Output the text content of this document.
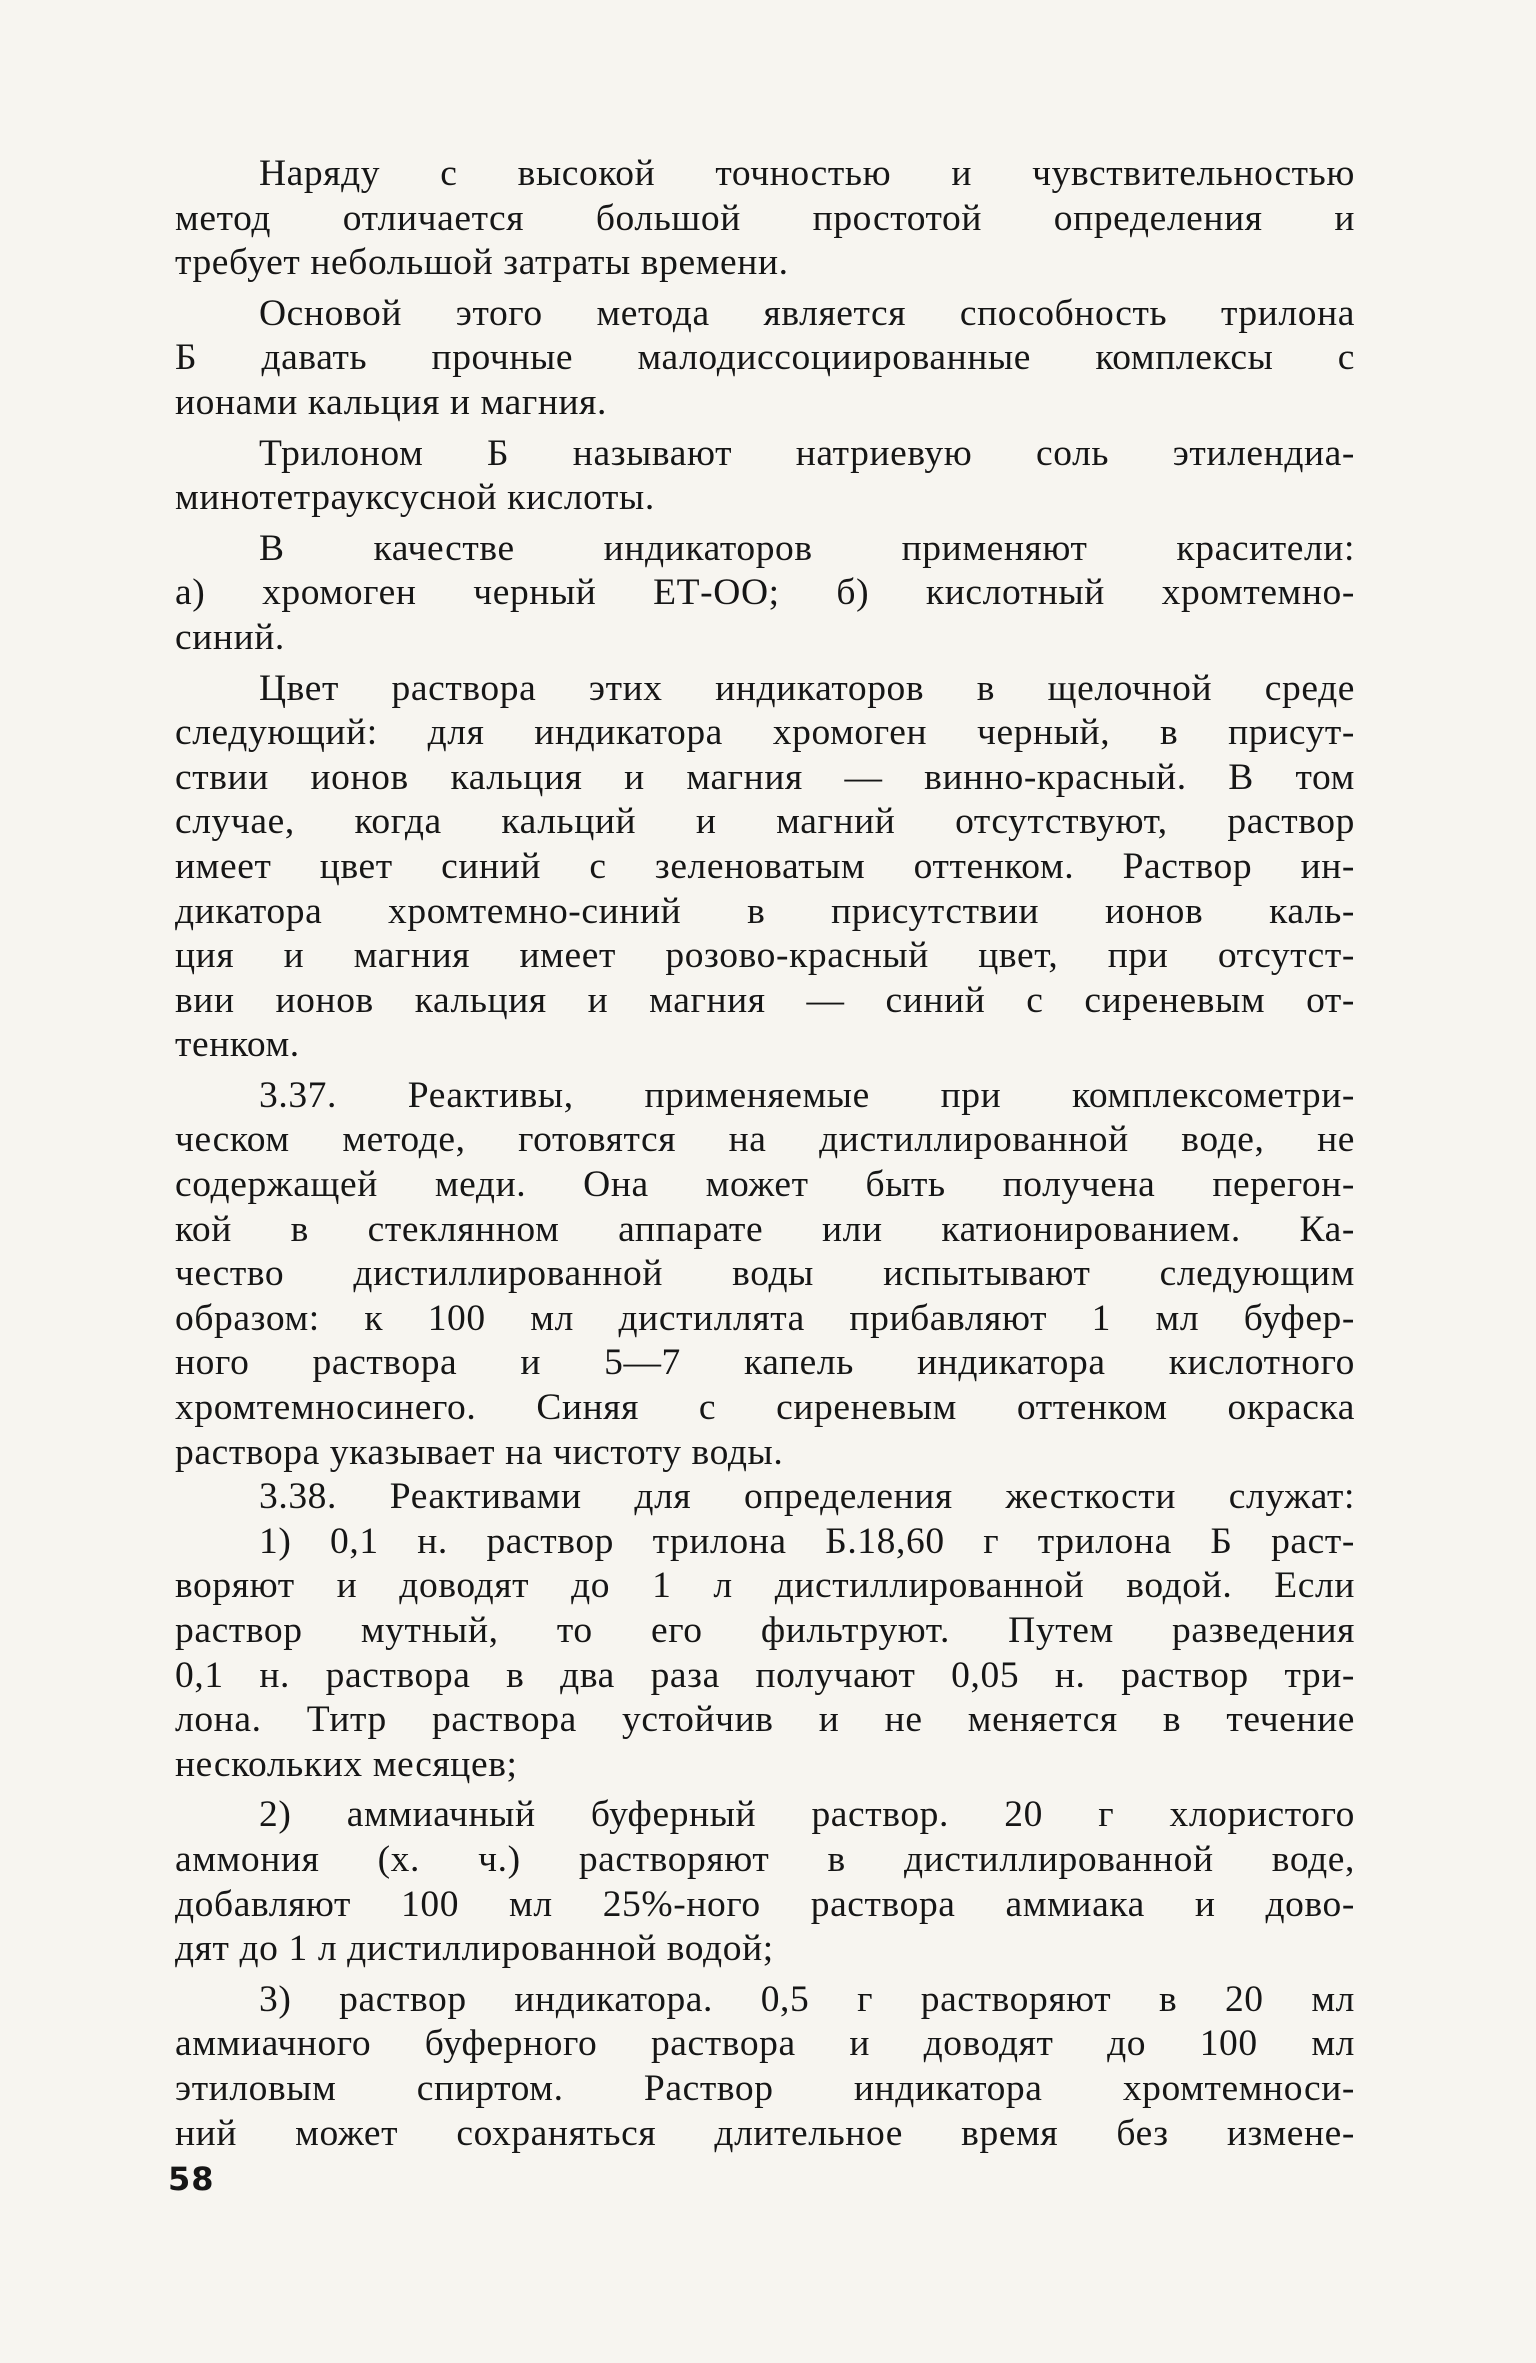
Наряду с высокой точностью и чувствительностью
метод отличается большой простотой определения и
требует небольшой затраты времени.
Основой этого метода является способность трилона
Б давать прочные малодиссоциированные комплексы с
ионами кальция и магния.
Трилоном Б называют натриевую соль этилендиа-
минотетрауксусной кислоты.
В качестве индикаторов применяют красители:
а) хромоген черный ЕТ-ОО; б) кислотный хромтемно-
синий.
Цвет раствора этих индикаторов в щелочной среде
следующий: для индикатора хромоген черный, в присут-
ствии ионов кальция и магния — винно-красный. В том
случае, когда кальций и магний отсутствуют, раствор
имеет цвет синий с зеленоватым оттенком. Раствор ин-
дикатора хромтемно-синий в присутствии ионов каль-
ция и магния имеет розово-красный цвет, при отсутст-
вии ионов кальция и магния — синий с сиреневым от-
тенком.
3.37. Реактивы, применяемые при комплексометри-
ческом методе, готовятся на дистиллированной воде, не
содержащей меди. Она может быть получена перегон-
кой в стеклянном аппарате или катионированием. Ка-
чество дистиллированной воды испытывают следующим
образом: к 100 мл дистиллята прибавляют 1 мл буфер-
ного раствора и 5—7 капель индикатора кислотного
хромтемносинего. Синяя с сиреневым оттенком окраска
раствора указывает на чистоту воды.
3.38. Реактивами для определения жесткости служат:
1) 0,1 н. раствор трилона Б.18,60 г трилона Б раст-
воряют и доводят до 1 л дистиллированной водой. Если
раствор мутный, то его фильтруют. Путем разведения
0,1 н. раствора в два раза получают 0,05 н. раствор три-
лона. Титр раствора устойчив и не меняется в течение
нескольких месяцев;
2) аммиачный буферный раствор. 20 г хлористого
аммония (х. ч.) растворяют в дистиллированной воде,
добавляют 100 мл 25%-ного раствора аммиака и дово-
дят до 1 л дистиллированной водой;
3) раствор индикатора. 0,5 г растворяют в 20 мл
аммиачного буферного раствора и доводят до 100 мл
этиловым спиртом. Раствор индикатора хромтемноси-
ний может сохраняться длительное время без измене-
58
